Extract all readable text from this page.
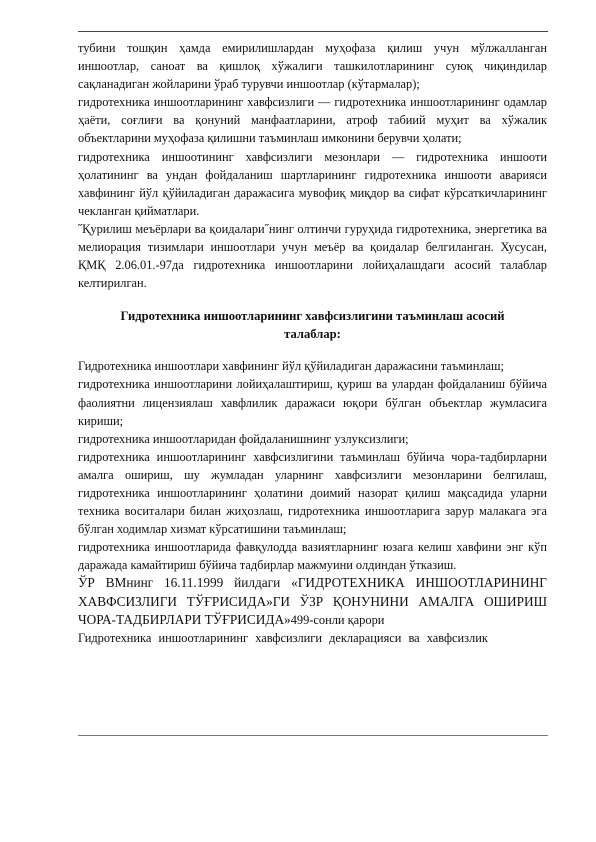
тубини тошқин ҳамда емирилишлардан муҳофаза қилиш учун мўлжалланган иншоотлар, саноат ва қишлоқ хўжалиги ташкилотларининг суюқ чиқиндилар сақланадиган жойларини ўраб турувчи иншоотлар (кўтармалар);

гидротехника иншоотларининг хавфсизлиги — гидротехника иншоотларининг одамлар ҳаёти, соғлиғи ва қонуний манфаатларини, атроф табиий муҳит ва хўжалик объектларини муҳофаза қилишни таъминлаш имконини берувчи ҳолати;

гидротехника иншоотининг хавфсизлиги мезонлари — гидротехника иншооти ҳолатининг ва ундан фойдаланиш шартларининг гидротехника иншооти аварияси хавфининг йўл қўйиладиган даражасига мувофиқ миқдор ва сифат кўрсаткичларининг чекланган қийматлари.

˝Қурилиш меъёрлари ва қоидалари˝нинг олтинчи гуруҳида гидротехника, энергетика ва мелиорация тизимлари иншоотлари учун меъёр ва қоидалар белгиланган. Хусусан, ҚМҚ 2.06.01.-97да гидротехника иншоотларини лойиҳалашдаги асосий талаблар келтирилган.

Гидротехника иншоотларининг хавфсизлигини таъминлаш асосий талаблар:

Гидротехника иншоотлари хавфининг йўл қўйиладиган даражасини таъминлаш;

гидротехника иншоотларини лойиҳалаштириш, қуриш ва улардан фойдаланиш бўйича фаолиятни лицензиялаш хавфлилик даражаси юқори бўлган объектлар жумласига кириши;

гидротехника иншоотларидан фойдаланишнинг узлуксизлиги;

гидротехника иншоотларининг хавфсизлигини таъминлаш бўйича чора-тадбирларни амалга ошириш, шу жумладан уларнинг хавфсизлиги мезонларини белгилаш, гидротехника иншоотларининг ҳолатини доимий назорат қилиш мақсадида уларни техника воситалари билан жиҳозлаш, гидротехника иншоотларига зарур малакага эга бўлган ходимлар хизмат кўрсатишини таъминлаш;

гидротехника иншоотларида фавқулодда вазиятларнинг юзага келиш хавфини энг кўп даражада камайтириш бўйича тадбирлар мажмуини олдиндан ўтказиш.

ЎР ВМнинг 16.11.1999 йилдаги «ГИДРОТЕХНИКА ИНШООТЛАРИНИНГ ХАВФСИЗЛИГИ ТЎҒРИСИДА»ГИ ЎЗР ҚОНУНИНИ АМАЛГА ОШИРИШ ЧОРА-ТАДБИРЛАРИ ТЎҒРИСИДА»499-сонли қарори

Гидротехника иншоотларининг хавфсизлиги декларацияси ва хавфсизлик
